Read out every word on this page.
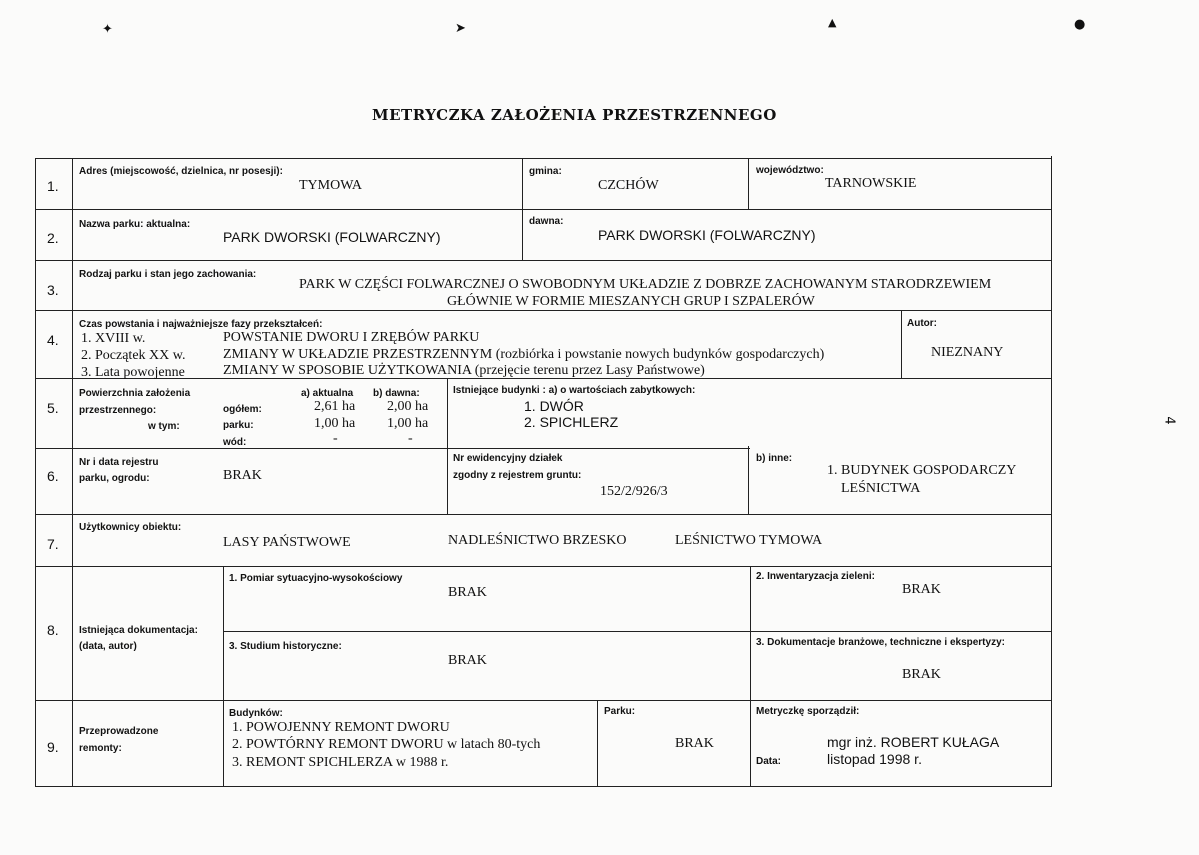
✦	➤	▲	●
4
METRYCZKA ZAŁOŻENIA PRZESTRZENNEGO
1.
Adres (miejscowość, dzielnica, nr posesji):
TYMOWA
gmina:
CZCHÓW
województwo:
TARNOWSKIE
2.
Nazwa parku: aktualna:
PARK DWORSKI (FOLWARCZNY)
dawna:
PARK DWORSKI (FOLWARCZNY)
3.
Rodzaj parku i stan jego zachowania:
PARK W CZĘŚCI FOLWARCZNEJ O SWOBODNYM UKŁADZIE Z DOBRZE ZACHOWANYM STARODRZEWIEM
GŁÓWNIE W FORMIE MIESZANYCH GRUP I SZPALERÓW
4.
Czas powstania i najważniejsze fazy przekształceń:
1. XVIII w.	POWSTANIE DWORU I ZRĘBÓW PARKU
2. Początek XX w.	ZMIANY W UKŁADZIE PRZESTRZENNYM (rozbiórka i powstanie nowych budynków gospodarczych)
3. Lata powojenne	ZMIANY W SPOSOBIE UŻYTKOWANIA (przejęcie terenu przez Lasy Państwowe)
Autor:
NIEZNANY
5.
Powierzchnia założenia
przestrzennego:
w tym:
a) aktualna b) dawna:
ogółem:	2,61 ha 2,00 ha
parku:	1,00 ha 1,00 ha
wód:	-	-
Istniejące budynki : a) o wartościach zabytkowych:
1. DWÓR
2. SPICHLERZ
6.
Nr i data rejestru
parku, ogrodu:	BRAK
Nr ewidencyjny działek
zgodny z rejestrem gruntu:
152/2/926/3
b) inne:
1. BUDYNEK GOSPODARCZY
LEŚNICTWA
7.
Użytkownicy obiektu:
LASY PAŃSTWOWE	NADLEŚNICTWO BRZESKO	LEŚNICTWO TYMOWA
8. Istniejąca dokumentacja:
(data, autor)
1. Pomiar sytuacyjno-wysokościowy
BRAK
2. Inwentaryzacja zieleni:
BRAK
3. Studium historyczne:
BRAK
3. Dokumentacje branżowe, techniczne i ekspertyzy:
BRAK
9.
Przeprowadzone
remonty:
Budynków:
1. POWOJENNY REMONT DWORU
2. POWTÓRNY REMONT DWORU w latach 80-tych
3. REMONT SPICHLERZA w 1988 r.
Parku:
BRAK
Metryczkę sporządził:
mgr inż. ROBERT KUŁAGA
Data:	listopad 1998 r.
